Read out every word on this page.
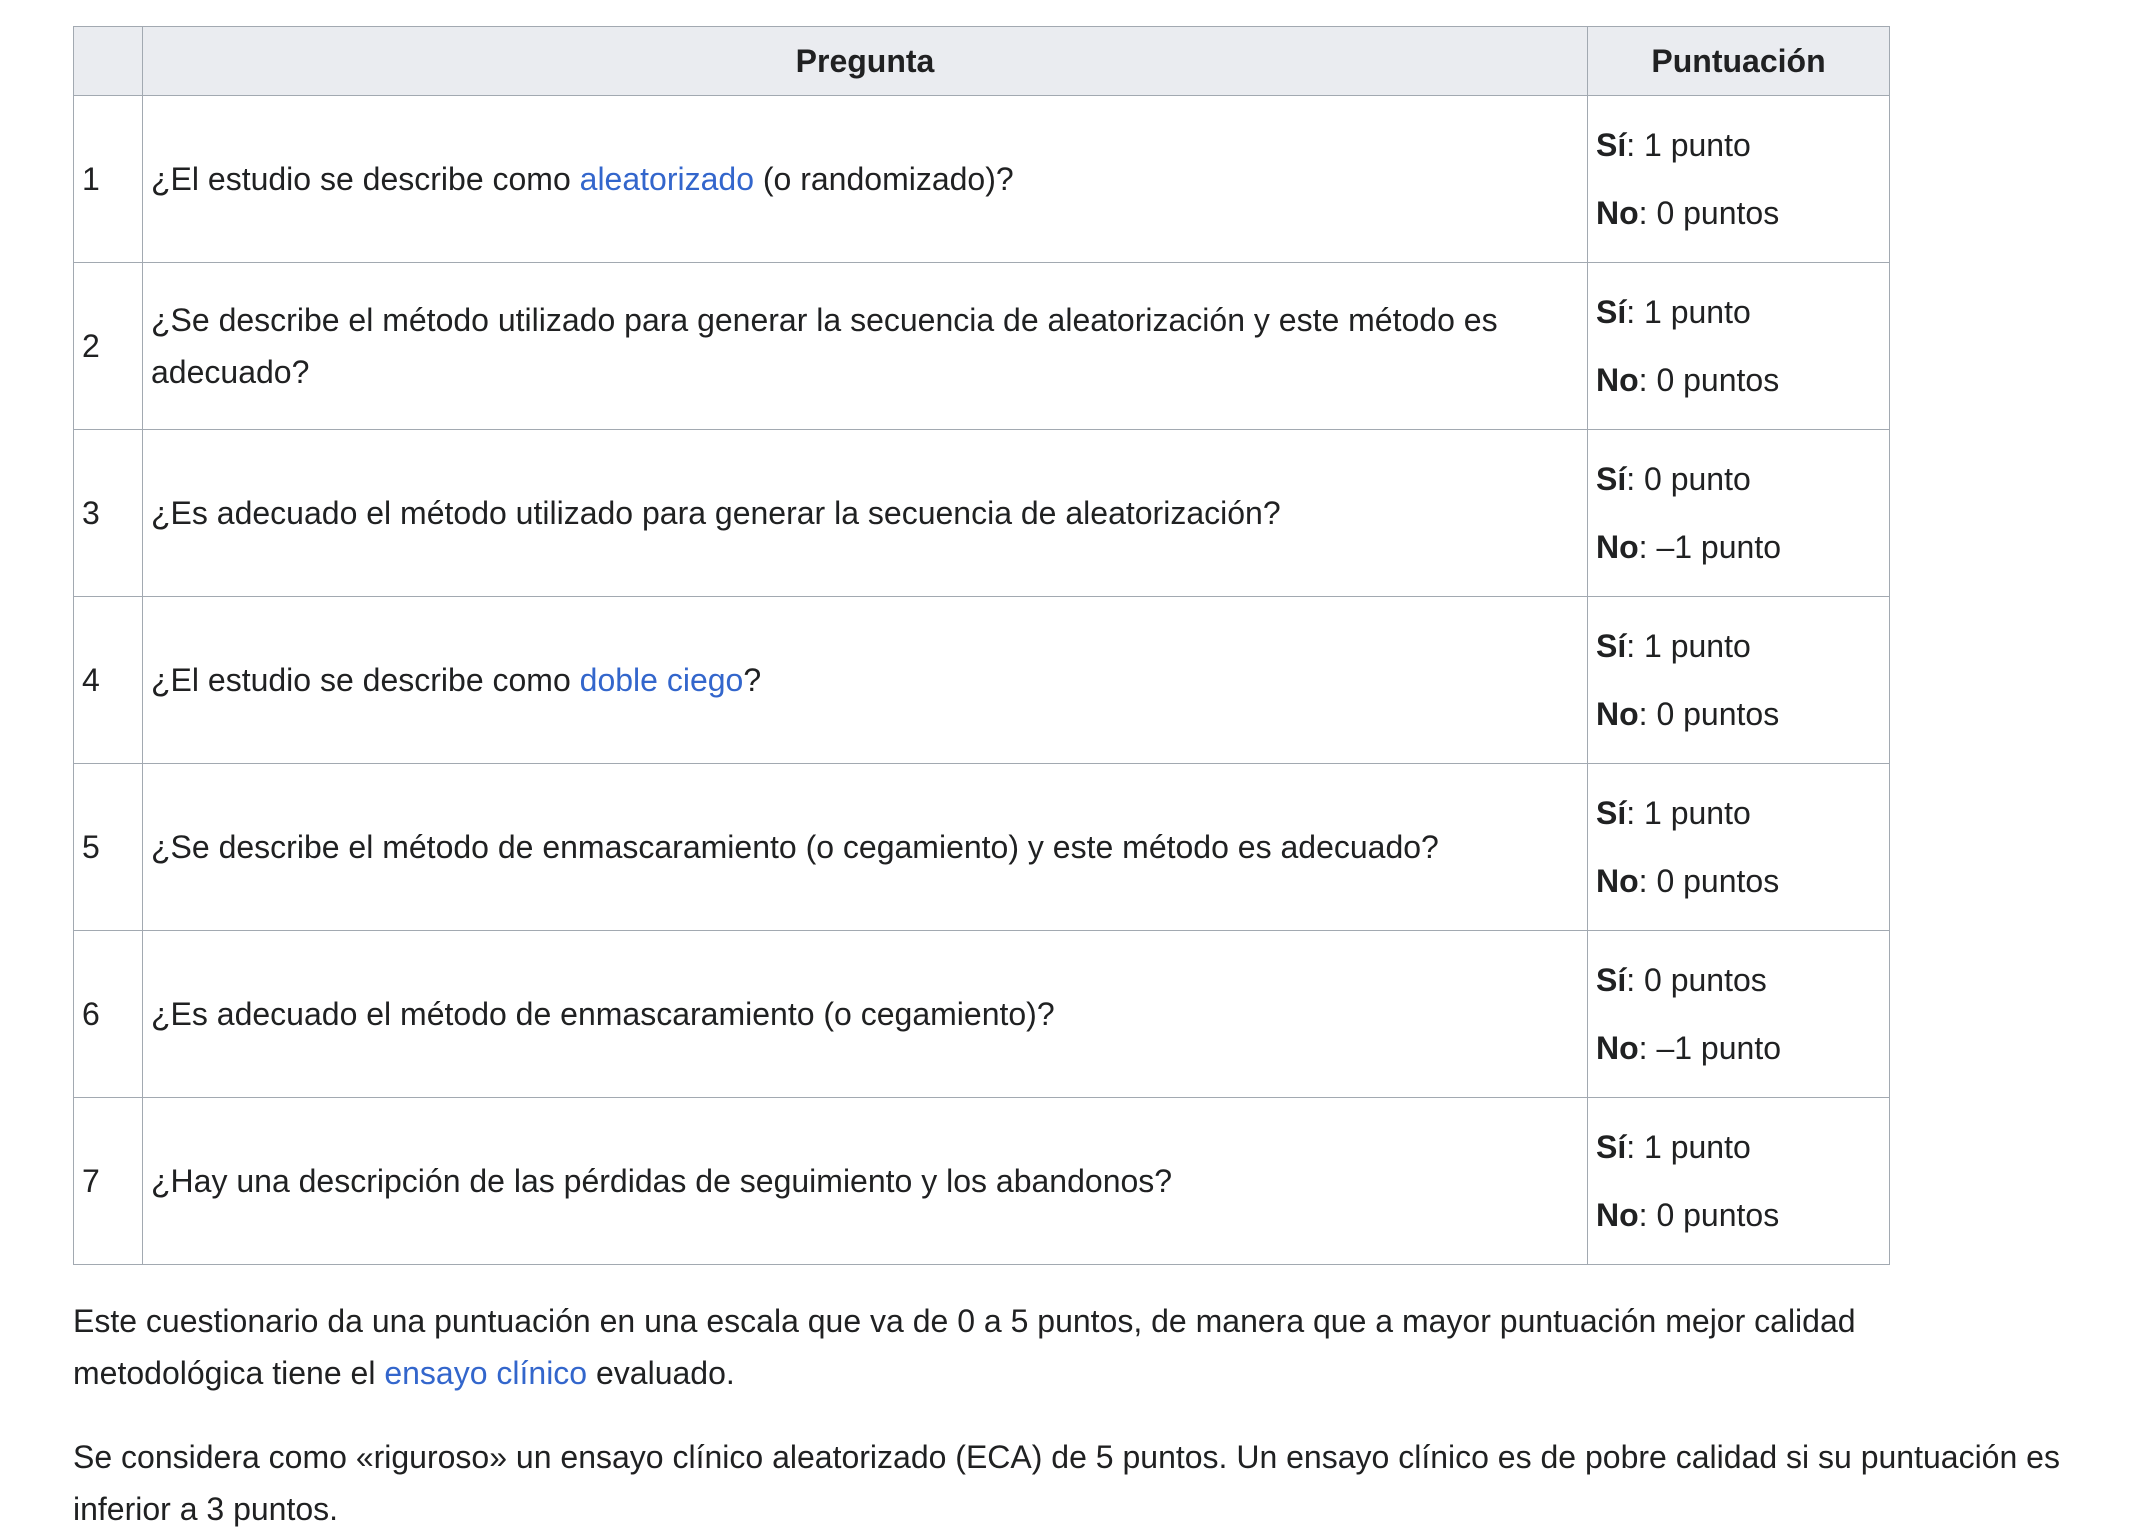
	Pregunta	Puntuación
1	¿El estudio se describe como aleatorizado (o randomizado)?	Sí: 1 punto
No: 0 puntos

2	¿Se describe el método utilizado para generar la secuencia de aleatorización y este método es adecuado?	Sí: 1 punto
No: 0 puntos

3	¿Es adecuado el método utilizado para generar la secuencia de aleatorización?	Sí: 0 punto
No: –1 punto

4	¿El estudio se describe como doble ciego?	Sí: 1 punto
No: 0 puntos

5	¿Se describe el método de enmascaramiento (o cegamiento) y este método es adecuado?	Sí: 1 punto
No: 0 puntos

6	¿Es adecuado el método de enmascaramiento (o cegamiento)?	Sí: 0 puntos
No: –1 punto

7	¿Hay una descripción de las pérdidas de seguimiento y los abandonos?	Sí: 1 punto
No: 0 puntos

Este cuestionario da una puntuación en una escala que va de 0 a 5 puntos, de manera que a mayor puntuación mejor calidad metodológica tiene el ensayo clínico evaluado.

Se considera como «riguroso» un ensayo clínico aleatorizado (ECA) de 5 puntos. Un ensayo clínico es de pobre calidad si su puntuación es inferior a 3 puntos.
